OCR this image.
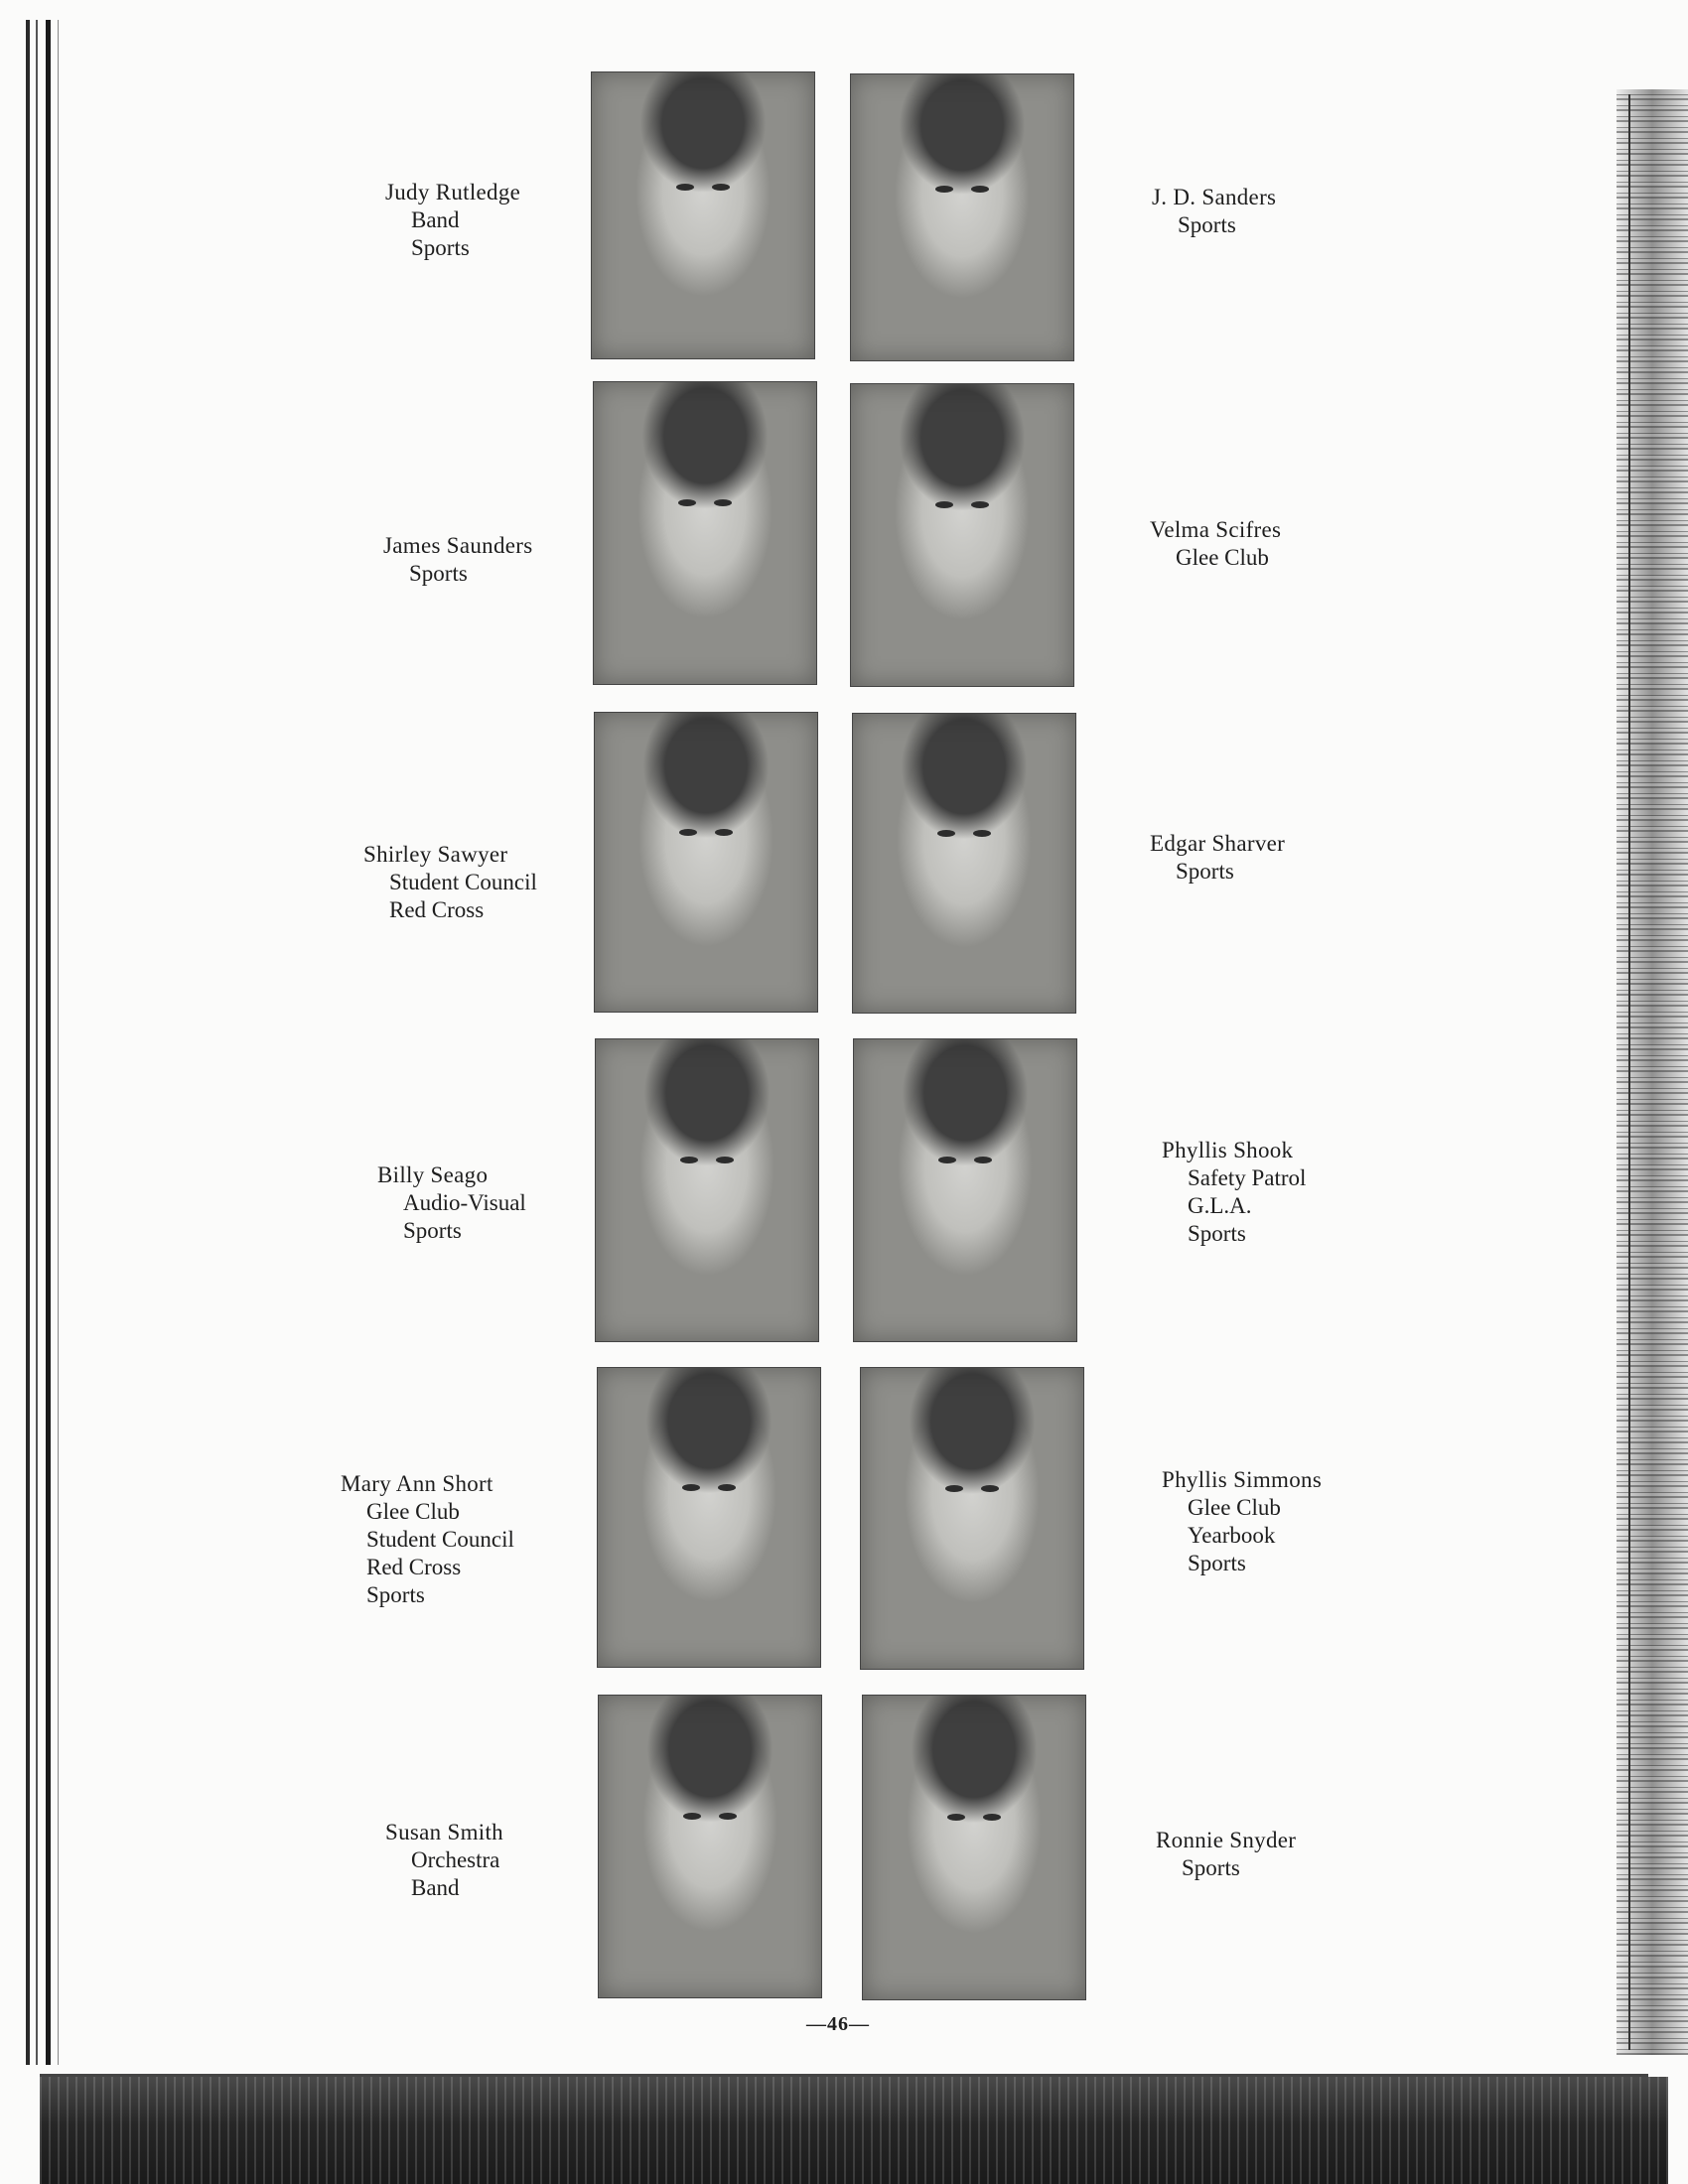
Judy Rutledge
Band
Sports
J. D. Sanders
Sports
James Saunders
Sports
Velma Scifres
Glee Club
Shirley Sawyer
Student Council
Red Cross
Edgar Sharver
Sports
Billy Seago
Audio-Visual
Sports
Phyllis Shook
Safety Patrol
G.L.A.
Sports
Mary Ann Short
Glee Club
Student Council
Red Cross
Sports
Phyllis Simmons
Glee Club
Yearbook
Sports
Susan Smith
Orchestra
Band
Ronnie Snyder
Sports
— 46 —
